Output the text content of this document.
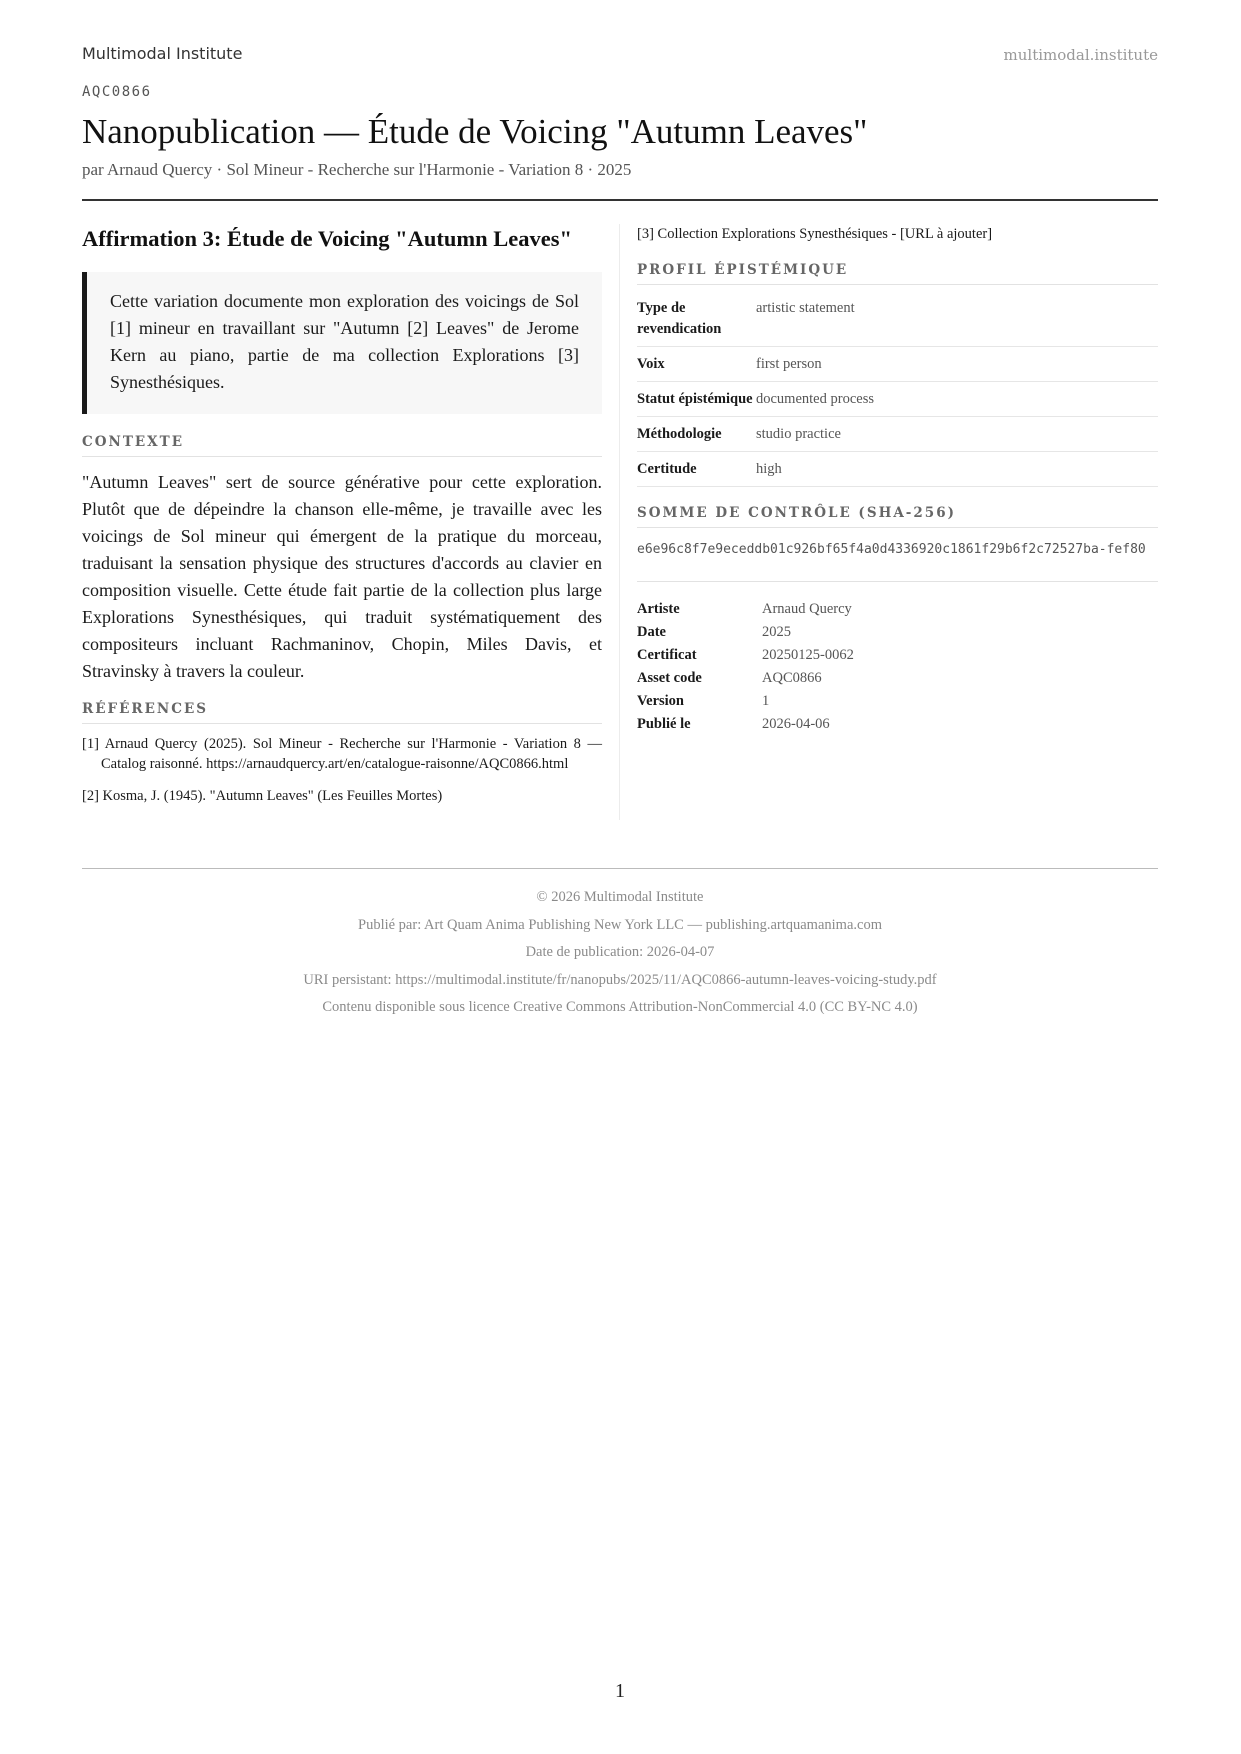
Multimodal Institute	multimodal.institute
AQC0866
Nanopublication — Étude de Voicing "Autumn Leaves"
par Arnaud Quercy · Sol Mineur - Recherche sur l'Harmonie - Variation 8 · 2025
Affirmation 3: Étude de Voicing "Autumn Leaves"

Cette variation documente mon exploration des voicings de Sol [1] mineur en travaillant sur "Autumn [2] Leaves" de Jerome Kern au piano, partie de ma collection Explorations [3] Synesthésiques.

CONTEXTE

"Autumn Leaves" sert de source générative pour cette exploration. Plutôt que de dépeindre la chanson elle-même, je travaille avec les voicings de Sol mineur qui émergent de la pratique du morceau, traduisant la sensation physique des structures d'accords au clavier en composition visuelle. Cette étude fait partie de la collection plus large Explorations Synesthésiques, qui traduit systématiquement des compositeurs incluant Rachmaninov, Chopin, Miles Davis, et Stravinsky à travers la couleur.

RÉFÉRENCES
[1] Arnaud Quercy (2025). Sol Mineur - Recherche sur l'Harmonie - Variation 8 — Catalog raisonné. https://arnaudquercy.art/en/catalogue-raisonne/AQC0866.html
[2] Kosma, J. (1945). "Autumn Leaves" (Les Feuilles Mortes)
[3] Collection Explorations Synesthésiques - [URL à ajouter]
PROFIL ÉPISTÉMIQUE
Type de revendication	artistic statement
Voix	first person
Statut épistémique	documented process
Méthodologie	studio practice
Certitude	high
SOMME DE CONTRÔLE (SHA-256)
e6e96c8f7e9eceddb01c926bf65f4a0d4336920c1861f29b6f2c72527ba-fef80
Artiste	Arnaud Quercy
Date	2025
Certificat	20250125-0062
Asset code	AQC0866
Version	1
Publié le	2026-04-06
© 2026 Multimodal Institute
Publié par: Art Quam Anima Publishing New York LLC — publishing.artquamanima.com
Date de publication: 2026-04-07
URI persistant: https://multimodal.institute/fr/nanopubs/2025/11/AQC0866-autumn-leaves-voicing-study.pdf
Contenu disponible sous licence Creative Commons Attribution-NonCommercial 4.0 (CC BY-NC 4.0)
1
